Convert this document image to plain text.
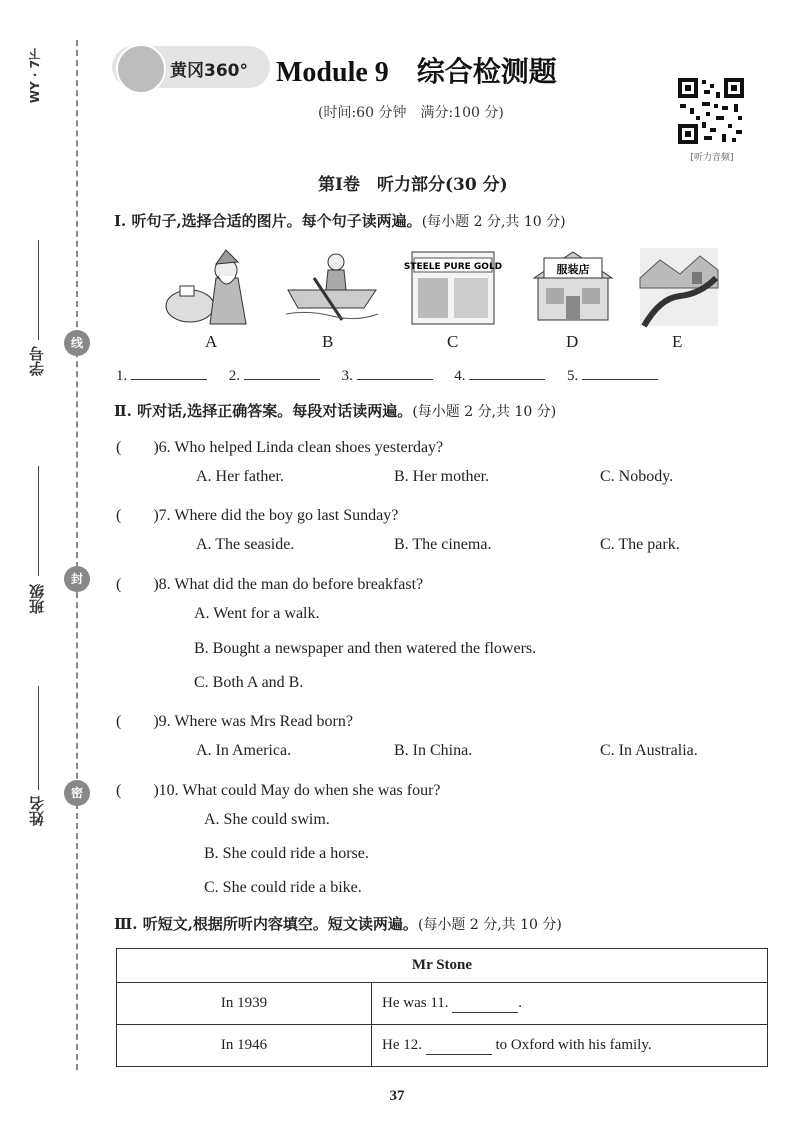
WY · 7下
学号
线
班级
封
姓名
密
黄冈360° Module 9　综合检测题
(时间:60 分钟　满分:100 分)
[听力音频]
第Ⅰ卷　听力部分(30 分)
Ⅰ. 听句子,选择合适的图片。每个句子读两遍。(每小题 2 分,共 10 分)
STEELE PURE GOLD	服装店
A	B	C	D	E
1.	2.	3.	4.	5.
Ⅱ. 听对话,选择正确答案。每段对话读两遍。(每小题 2 分,共 10 分)
(　　)6. Who helped Linda clean shoes yesterday?
A. Her father.	B. Her mother.	C. Nobody.
(　　)7. Where did the boy go last Sunday?
A. The seaside.	B. The cinema.	C. The park.
(　　)8. What did the man do before breakfast?
A. Went for a walk.
B. Bought a newspaper and then watered the flowers.
C. Both A and B.
(　　)9. Where was Mrs Read born?
A. In America.	B. In China.	C. In Australia.
(　　)10. What could May do when she was four?
A. She could swim.
B. She could ride a horse.
C. She could ride a bike.
Ⅲ. 听短文,根据所听内容填空。短文读两遍。(每小题 2 分,共 10 分)
Mr Stone	
In 1939	He was 11. .
In 1946	He 12. to Oxford with his family.
37
